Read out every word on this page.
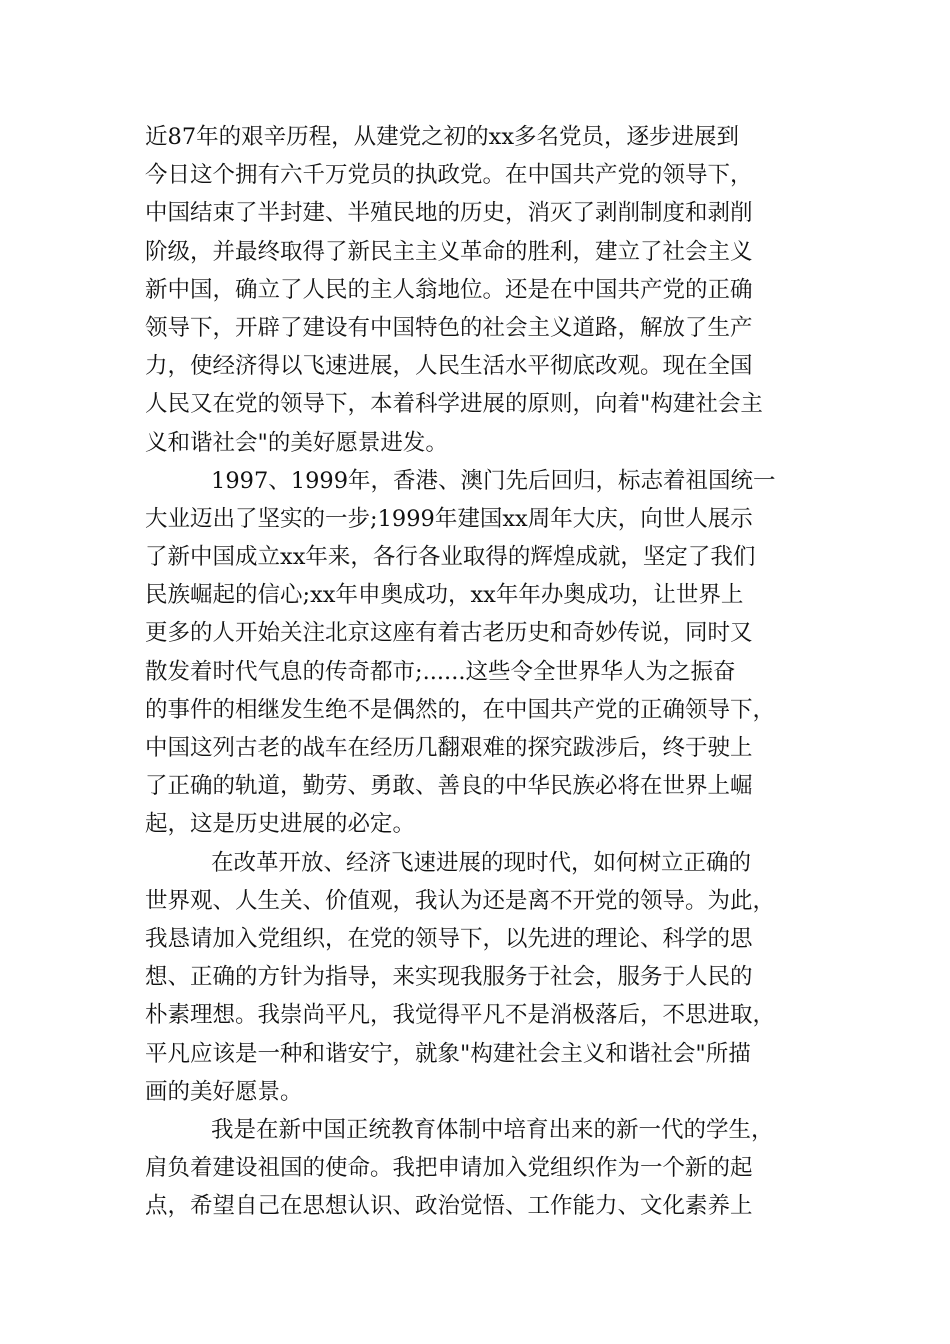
近87年的艰辛历程，从建党之初的xx多名党员，逐步进展到
今日这个拥有六千万党员的执政党。在中国共产党的领导下，
中国结束了半封建、半殖民地的历史，消灭了剥削制度和剥削
阶级，并最终取得了新民主主义革命的胜利，建立了社会主义
新中国，确立了人民的主人翁地位。还是在中国共产党的正确
领导下，开辟了建设有中国特色的社会主义道路，解放了生产
力，使经济得以飞速进展，人民生活水平彻底改观。现在全国
人民又在党的领导下，本着科学进展的原则，向着"构建社会主
义和谐社会"的美好愿景进发。
1997、1999年，香港、澳门先后回归，标志着祖国统一
大业迈出了坚实的一步;1999年建国xx周年大庆，向世人展示
了新中国成立xx年来，各行各业取得的辉煌成就，坚定了我们
民族崛起的信心;xx年申奥成功，xx年年办奥成功，让世界上
更多的人开始关注北京这座有着古老历史和奇妙传说，同时又
散发着时代气息的传奇都市;......这些令全世界华人为之振奋
的事件的相继发生绝不是偶然的，在中国共产党的正确领导下，
中国这列古老的战车在经历几翻艰难的探究跋涉后，终于驶上
了正确的轨道，勤劳、勇敢、善良的中华民族必将在世界上崛
起，这是历史进展的必定。
在改革开放、经济飞速进展的现时代，如何树立正确的
世界观、人生关、价值观，我认为还是离不开党的领导。为此，
我恳请加入党组织，在党的领导下，以先进的理论、科学的思
想、正确的方针为指导，来实现我服务于社会，服务于人民的
朴素理想。我崇尚平凡，我觉得平凡不是消极落后，不思进取，
平凡应该是一种和谐安宁，就象"构建社会主义和谐社会"所描
画的美好愿景。
我是在新中国正统教育体制中培育出来的新一代的学生，
肩负着建设祖国的使命。我把申请加入党组织作为一个新的起
点，希望自己在思想认识、政治觉悟、工作能力、文化素养上
